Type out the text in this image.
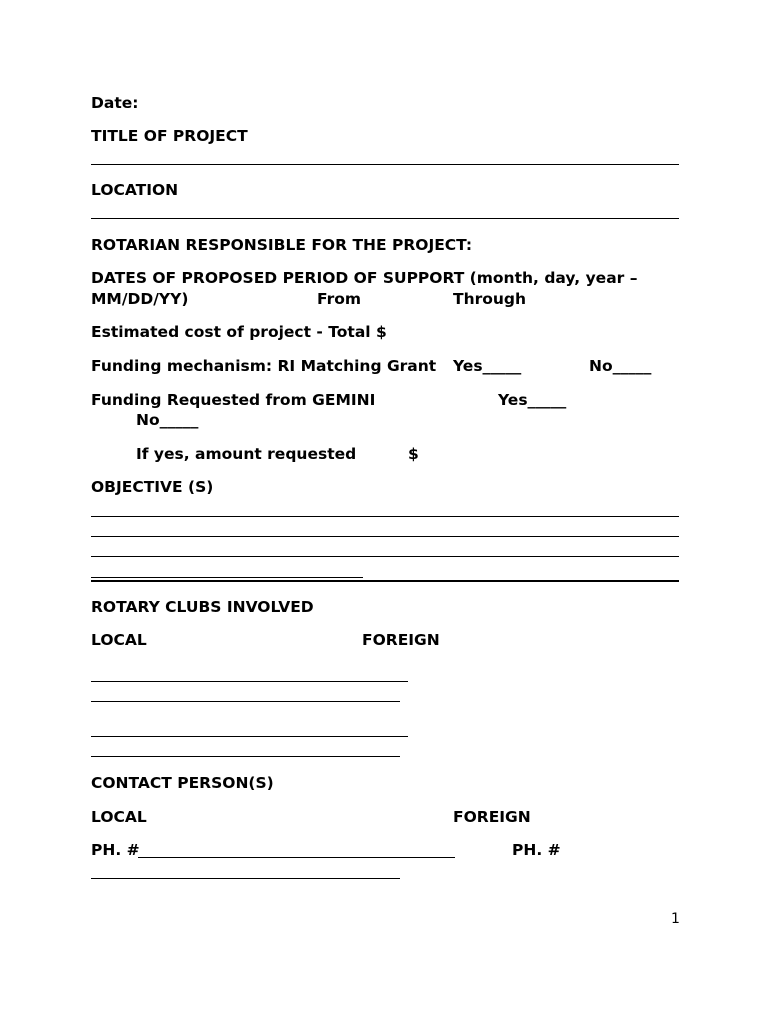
Date:
TITLE OF PROJECT
LOCATION
ROTARIAN RESPONSIBLE FOR THE PROJECT:
DATES OF PROPOSED PERIOD OF SUPPORT (month, day, year –
MM/DD/YY)	From	Through
Estimated cost of project - Total $
Funding mechanism: RI Matching Grant Yes_____	No_____
Funding Requested from GEMINI	Yes_____
No_____
If yes, amount requested	$
OBJECTIVE (S)
ROTARY CLUBS INVOLVED
LOCAL	FOREIGN
CONTACT PERSON(S)
LOCAL	FOREIGN
PH. #	PH. #
1
